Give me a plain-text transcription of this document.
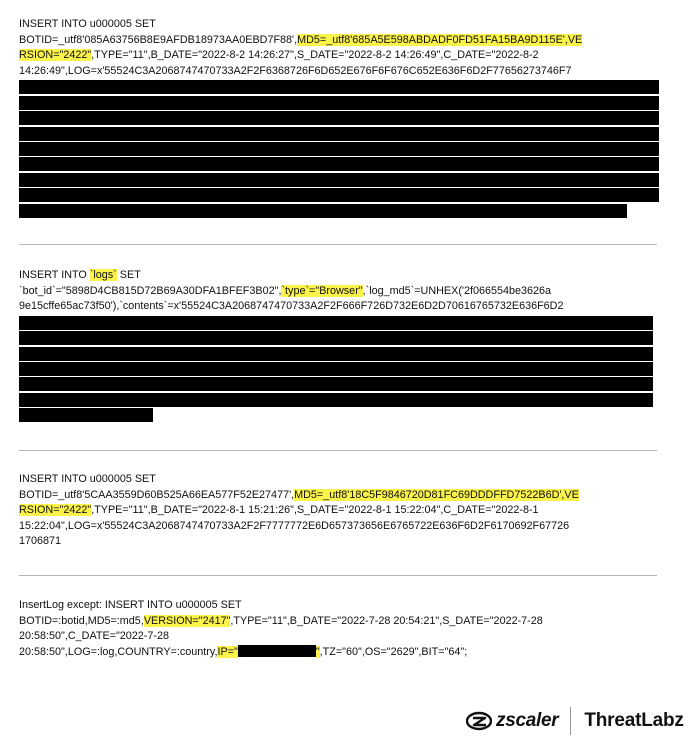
INSERT INTO u000005 SET
BOTID=_utf8'085A63756B8E9AFDB18973AA0EBD7F88',MD5=_utf8'685A5E598ABDADF0FD51FA15BA9D115E',VE
RSION="2422",TYPE="11",B_DATE="2022-8-2 14:26:27",S_DATE="2022-8-2 14:26:49",C_DATE="2022-8-2
14:26:49",LOG=x'55524C3A2068747470733A2F2F6368726F6D652E676F6F676C652E636F6D2F77656273746F7
INSERT INTO `logs` SET
`bot_id`="5898D4CB815D72B69A30DFA1BFEF3B02",`type`="Browser",`log_md5`=UNHEX('2f066554be3626a
9e15cffe65ac73f50'),`contents`=x'55524C3A2068747470733A2F2F666F726D732E6D2D70616765732E636F6D2
INSERT INTO u000005 SET
BOTID=_utf8'5CAA3559D60B525A66EA577F52E27477',MD5=_utf8'18C5F9846720D81FC69DDDFFD7522B6D',VE
RSION="2422",TYPE="11",B_DATE="2022-8-1 15:21:26",S_DATE="2022-8-1 15:22:04",C_DATE="2022-8-1
15:22:04",LOG=x'55524C3A2068747470733A2F2F7777772E6D657373656E6765722E636F6D2F6170692F67726
1706871
InsertLog except: INSERT INTO u000005 SET
BOTID=:botid,MD5=:md5,VERSION="2417",TYPE="11",B_DATE="2022-7-28 20:54:21",S_DATE="2022-7-28
20:58:50",C_DATE="2022-7-28
20:58:50",LOG=:log,COUNTRY=:country,IP="	",TZ="60",OS="2629",BIT="64";
zscaler ThreatLabz
